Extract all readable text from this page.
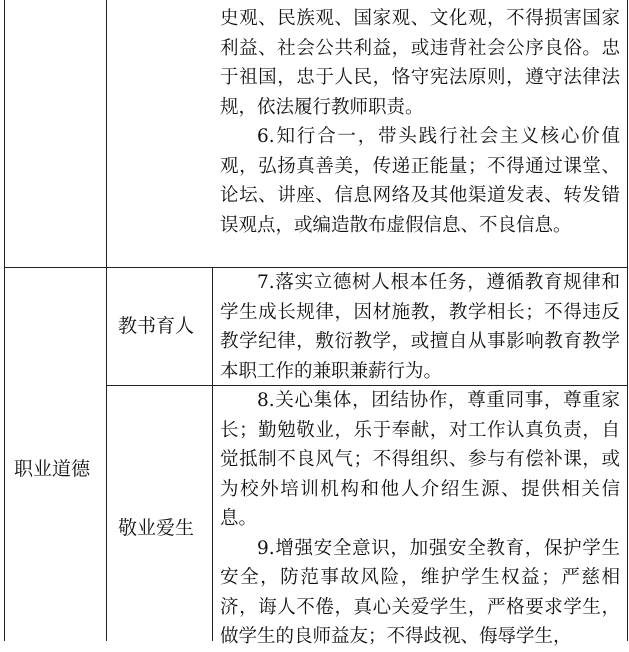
史观、民族观、国家观、文化观，不得损害国家利益、社会公共利益，或违背社会公序良俗。忠于祖国，忠于人民，恪守宪法原则，遵守法律法规，依法履行教师职责。
6.知行合一，带头践行社会主义核心价值观，弘扬真善美，传递正能量；不得通过课堂、论坛、讲座、信息网络及其他渠道发表、转发错误观点，或编造散布虚假信息、不良信息。
职业道德
教书育人
7.落实立德树人根本任务，遵循教育规律和学生成长规律，因材施教，教学相长；不得违反教学纪律，敷衍教学，或擅自从事影响教育教学本职工作的兼职兼薪行为。
敬业爱生
8.关心集体，团结协作，尊重同事，尊重家长；勤勉敬业，乐于奉献，对工作认真负责，自觉抵制不良风气；不得组织、参与有偿补课，或为校外培训机构和他人介绍生源、提供相关信息。
9.增强安全意识，加强安全教育，保护学生安全，防范事故风险，维护学生权益；严慈相济，诲人不倦，真心关爱学生，严格要求学生，做学生的良师益友；不得歧视、侮辱学生，
